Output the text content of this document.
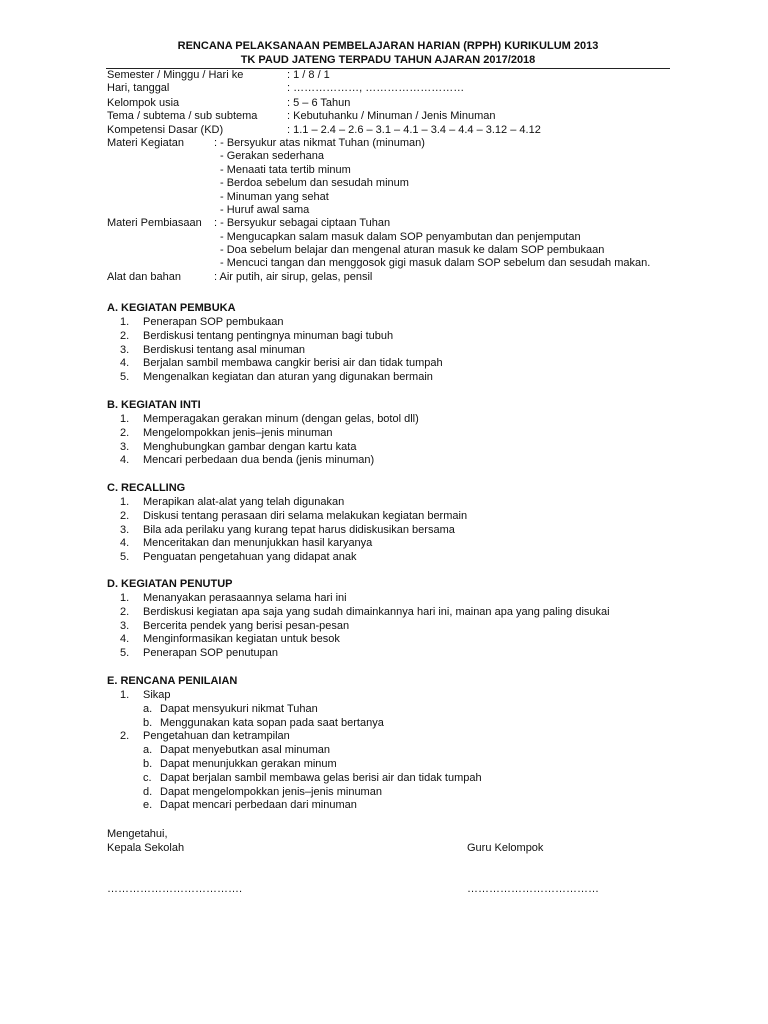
RENCANA PELAKSANAAN PEMBELAJARAN HARIAN (RPPH) KURIKULUM 2013
TK PAUD JATENG TERPADU TAHUN AJARAN 2017/2018
Semester / Minggu / Hari ke	: 1 / 8 / 1
Hari, tanggal	: ………………, ………………………
Kelompok usia	: 5 – 6 Tahun
Tema / subtema / sub subtema	: Kebutuhanku / Minuman / Jenis Minuman
Kompetensi Dasar (KD)	: 1.1 – 2.4 – 2.6 – 3.1 – 4.1 – 3.4 – 4.4 – 3.12 – 4.12
Materi Kegiatan	: - Bersyukur atas nikmat Tuhan (minuman)
- Gerakan sederhana
- Menaati tata tertib minum
- Berdoa sebelum dan sesudah minum
- Minuman yang sehat
- Huruf awal sama
Materi Pembiasaan : - Bersyukur sebagai ciptaan Tuhan
- Mengucapkan salam masuk dalam SOP penyambutan dan penjemputan
- Doa sebelum belajar dan mengenal aturan masuk ke dalam SOP pembukaan
- Mencuci tangan dan menggosok gigi masuk dalam SOP sebelum dan sesudah makan.
Alat dan bahan	: Air putih, air sirup, gelas, pensil
A. KEGIATAN PEMBUKA
1. Penerapan SOP pembukaan
2. Berdiskusi tentang pentingnya minuman bagi tubuh
3. Berdiskusi tentang asal minuman
4. Berjalan sambil membawa cangkir berisi air dan tidak tumpah
5. Mengenalkan kegiatan dan aturan yang digunakan bermain
B. KEGIATAN INTI
1. Memperagakan gerakan minum (dengan gelas, botol dll)
2. Mengelompokkan jenis–jenis minuman
3. Menghubungkan gambar dengan kartu kata
4. Mencari perbedaan dua benda (jenis minuman)
C. RECALLING
1. Merapikan alat-alat yang telah digunakan
2. Diskusi tentang perasaan diri selama melakukan kegiatan bermain
3. Bila ada perilaku yang kurang tepat harus didiskusikan bersama
4. Menceritakan dan menunjukkan hasil karyanya
5. Penguatan pengetahuan yang didapat anak
D. KEGIATAN PENUTUP
1. Menanyakan perasaannya selama hari ini
2. Berdiskusi kegiatan apa saja yang sudah dimainkannya hari ini, mainan apa yang paling disukai
3. Bercerita pendek yang berisi pesan-pesan
4. Menginformasikan kegiatan untuk besok
5. Penerapan SOP penutupan
E. RENCANA PENILAIAN
1. Sikap
a. Dapat mensyukuri nikmat Tuhan
b. Menggunakan kata sopan pada saat bertanya
2. Pengetahuan dan ketrampilan
a. Dapat menyebutkan asal minuman
b. Dapat menunjukkan gerakan minum
c. Dapat berjalan sambil membawa gelas berisi air dan tidak tumpah
d. Dapat mengelompokkan jenis–jenis minuman
e. Dapat mencari perbedaan dari minuman
Mengetahui,
Kepala Sekolah	Guru Kelompok
……………………………….	………………………………
